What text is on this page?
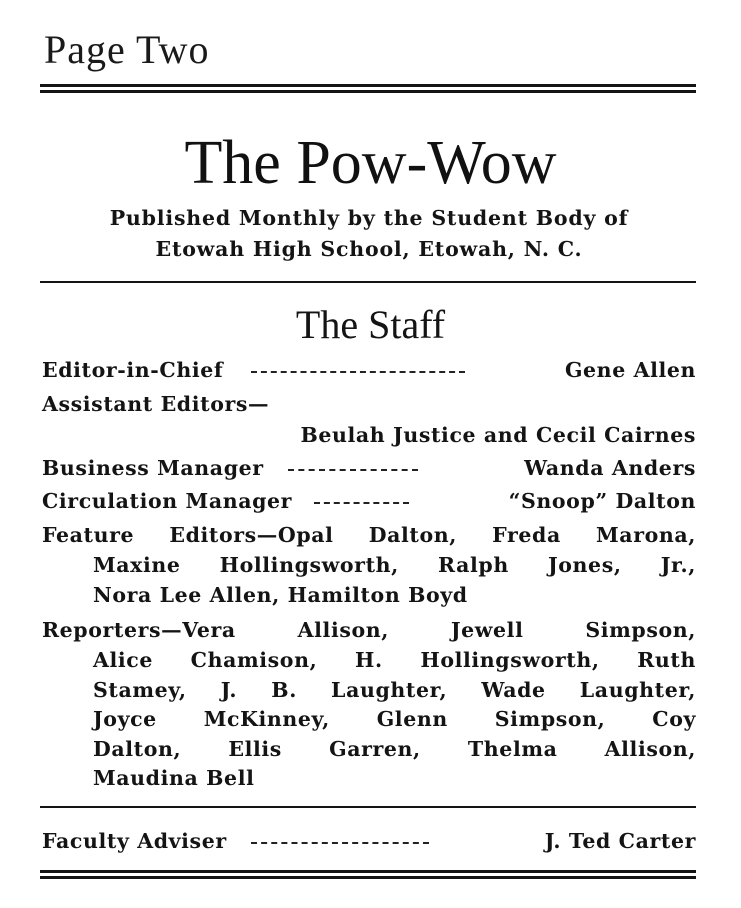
Page Two
The Pow-Wow
Published Monthly by the Student Body of
Etowah High School, Etowah, N. C.
The Staff
Editor-in-Chief	Gene Allen
Assistant Editors—
Beulah Justice and Cecil Cairnes
Business Manager	Wanda Anders
Circulation Manager	“Snoop” Dalton
Feature Editors—Opal Dalton, Freda Marona,
Maxine Hollingsworth, Ralph Jones, Jr.,
Nora Lee Allen, Hamilton Boyd
Reporters—Vera Allison, Jewell Simpson,
Alice Chamison, H. Hollingsworth, Ruth
Stamey, J. B. Laughter, Wade Laughter,
Joyce McKinney, Glenn Simpson, Coy
Dalton, Ellis Garren, Thelma Allison,
Maudina Bell
Faculty Adviser	J. Ted Carter
